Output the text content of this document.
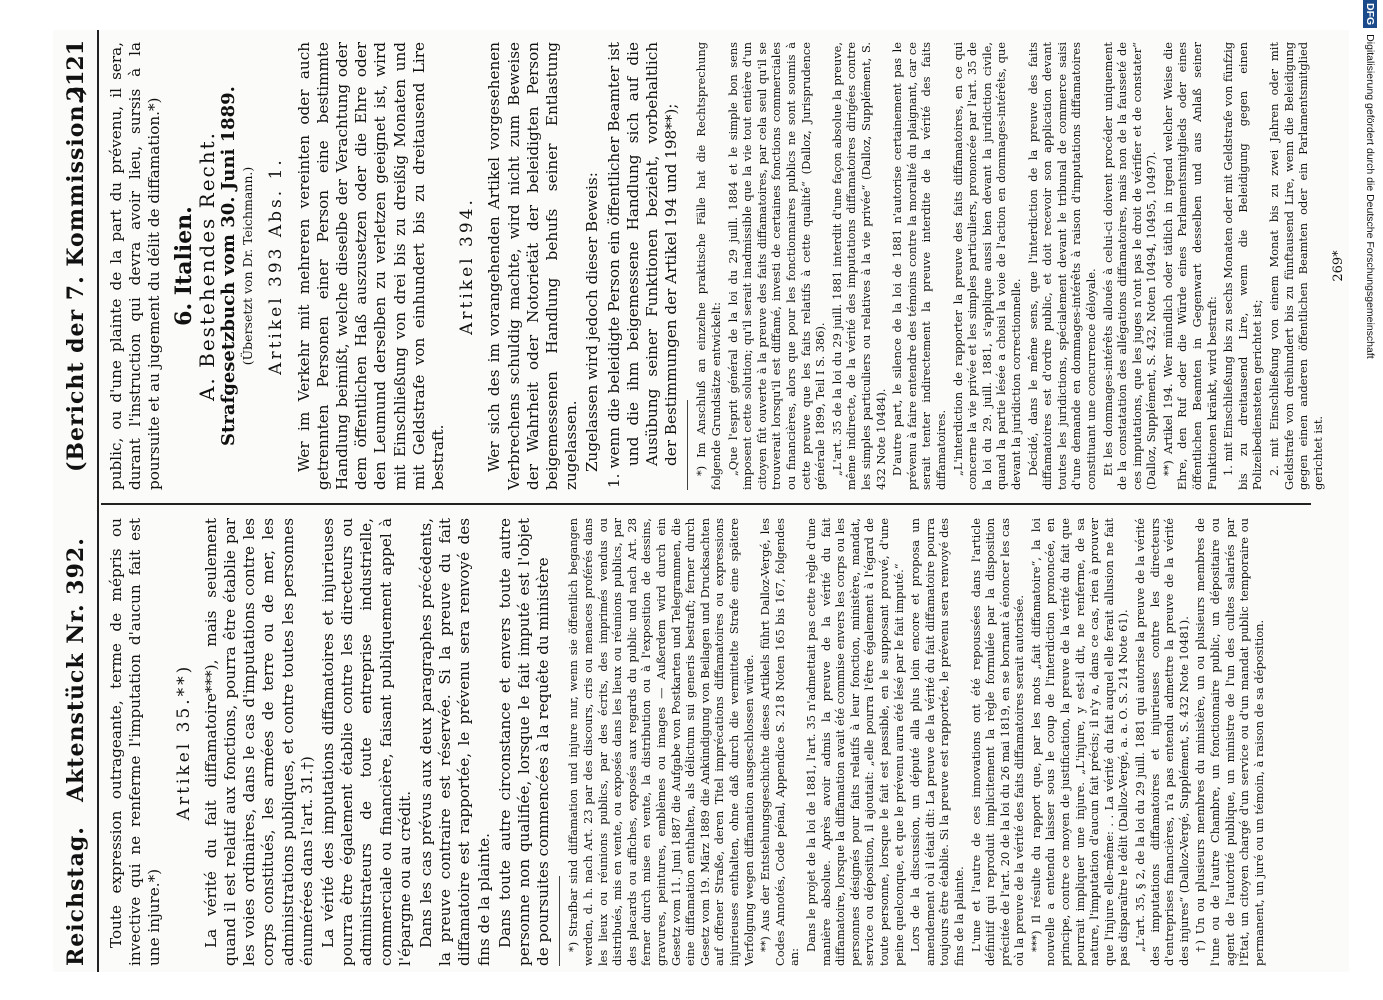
Reichstag.
Aktenstück Nr. 392.
(Bericht der 7. Kommission.)
2121

Toute expression outrageante, terme de mépris ou invective qui ne renferme l'imputation d'aucun fait est une injure.*)

Artikel 35.**) La vérité du fait diffamatoire***), mais seulement quand il est relatif aux fonctions, pourra être établie par les voies ordinaires, dans le cas d'imputations contre les corps constitués, les armées de terre ou de mer, les administrations publiques, et contre toutes les personnes énumérées dans l'art. 31.†) La vérité des imputations diffamatoires et injurieuses pourra être également établie contre les directeurs ou administrateurs de toute entreprise industrielle, commerciale ou financière, faisant publiquement appel à l'épargne ou au crédit. Dans les cas prévus aux deux paragraphes précédents, la preuve contraire est réservée. Si la preuve du fait diffamatoire est rapportée, le prévenu sera renvoyé des fins de la plainte. Dans toute autre circonstance et envers toute autre personne non qualifiée, lorsque le fait imputé est l'objet de poursuites commencées à la requête du ministère *) Strafbar sind diffamation und injure nur, wenn sie öffentlich begangen werden, d. h. nach Art. 23 par des discours, cris ou menaces proférés dans les lieux ou réunions publics, par des écrits, des imprimés vendus ou distribués, mis en vente, ou exposés dans les lieux ou réunions publics, par des placards ou affiches, exposés aux regards du public und nach Art. 28 ferner durch mise en vente, la distribution ou à l'exposition de dessins, gravures, peintures, emblèmes ou images — Außerdem wird durch ein Gesetz vom 11. Juni 1887 die Aufgabe von Postkarten und Telegrammen, die eine diffamation enthalten, als délictum sui generis bestraft; ferner durch Gesetz vom 19. März 1889 die Ankündigung von Beilagen und Drucksachten auf offener Straße, deren Titel imprécations diffamatoires ou expressions injurieuses enthalten, ohne daß durch die vermittelte Strafe eine spätere Verfolgung wegen diffamation ausgeschlossen würde. **) Aus der Entstehungsgeschichte dieses Artikels führt Dalloz-Vergé, les Codes Annotés, Code pénal, Appendice S. 218 Noten 165 bis 167, folgendes an:

Dans le projet de la loi de 1881, l'art. 35 n'admettait pas cette règle d'une manière absolue. Après avoir admis la preuve de la vérité du fait diffamatoire, lorsque la diffamation avait été commise envers les corps ou les personnes désignés pour faits relatifs à leur fonction, ministère, mandat, service ou déposition, il ajoutait: „elle pourra l'être également à l'égard de toute personne, lorsque le fait est passible, en le supposant prouvé, d'une peine quelconque, et que le prévenu aura été lésé par le fait imputé.“ Lors de la discussion, un député alla plus loin encore et proposa un amendement où il était dit: La preuve de la vérité du fait diffamatoire pourra toujours être établie. Si la preuve est rapportée, le prévenu sera renvoyé des fins de la plainte. L'une et l'autre de ces innovations ont été repoussées dans l'article définitif qui reproduit implicitement la règle formulée par la disposition précitée de l'art. 20 de la loi du 26 mai 1819, en se bornant à énoncer les cas où la preuve de la vérité des faits diffamatoires serait autorisée. ***) Il résulte du rapport que, par les mots „fait diffamatoire“, la loi nouvelle a entendu laisser sous le coup de l'interdiction prononcée, en principe, contre ce moyen de justification, la preuve de la vérité du fait que pourrait impliquer une injure. „L'injure, y est-il dit, ne renferme, de sa nature, l'imputation d'aucun fait précis; il n'y a, dans ce cas, rien à prouver que l'injure elle-même: . . La vérité du fait auquel elle ferait allusion ne fait pas disparaître le délit (Dalloz-Vergé, a. a. O. S. 214 Note 61). „L'art. 35, § 2, de la loi du 29 juill. 1881 qui autorise la preuve de la vérité des imputations diffamatoires et injurieuses contre les directeurs d'entreprises financières, n'a pas entendu admettre la preuve de la vérité des injures“ (Dalloz-Vergé, Supplément, S. 432 Note 10481). †) Un ou plusieurs membres du ministère, un ou plusieurs membres de l'une ou de l'autre Chambre, un fonctionnaire public, un dépositaire ou agent de l'autorité publique, un ministre de l'un des cultes salariés par l'État, un citoyen chargé d'un service ou d'un mandat public temporaire ou permanent, un juré ou un témoin, à raison de sa déposition.

public, ou d'une plainte de la part du prévenu, il sera, durant l'instruction qui devra avoir lieu, sursis à la poursuite et au jugement du délit de diffamation.*) 6. Italien.
A. Bestehendes Recht. Strafgesetzbuch vom 30. Juni 1889. (Übersetzt von Dr. Teichmann.) Artikel 393 Abs. 1. Wer im Verkehr mit mehreren vereinten oder auch getrennten Personen einer Person eine bestimmte Handlung beimißt, welche dieselbe der Verachtung oder dem öffentlichen Haß auszusetzen oder die Ehre oder den Leumund derselben zu verletzen geeignet ist, wird mit Einschließung von drei bis zu dreißig Monaten und mit Geldstrafe von einhundert bis zu dreitausend Lire bestraft.

Artikel 394. Wer sich des im vorangehenden Artikel vorgesehenen Verbrechens schuldig machte, wird nicht zum Beweise der Wahrheit oder Notorietät der beleidigten Person beigemessenen Handlung behufs seiner Entlastung zugelassen. Zugelassen wird jedoch dieser Beweis: 1. wenn die beleidigte Person ein öffentlicher Beamter ist und die ihm beigemessene Handlung sich auf die Ausübung seiner Funktionen bezieht, vorbehaltlich der Bestimmungen der Artikel 194 und 198**); *) Im Anschluß an einzelne praktische Fälle hat die Rechtsprechung folgende Grundsätze entwickelt: „Que l'esprit général de la loi du 29 juill. 1884 et le simple bon sens imposent cette solution; qu'il serait inadmissible que la vie tout entière d'un citoyen fût ouverte à la preuve des faits diffamatoires, par cela seul qu'il se trouverait lorsqu'il est diffamé, investi de certaines fonctions commerciales ou financières, alors que pour les fonctionnaires publics ne sont soumis à cette preuve que les faits relatifs à cette qualité“ (Dalloz, Jurisprudence générale 1899, Teil I S. 386). „L'art. 35 de la loi du 29 juill. 1881 interdit d'une façon absolue la preuve, même indirecte, de la vérité des imputations diffamatoires dirigées contre les simples particuliers ou relatives à la vie privée“ (Dalloz, Supplément, S. 432 Note 10484). D'autre part, le silence de la loi de 1881 n'autorise certainement pas le prévenu à faire entendre des témoins contre la moralité du plaignant, car ce serait tenter indirectement la preuve interdite de la vérité des faits diffamatoires. „L'interdiction de rapporter la preuve des faits diffamatoires, en ce qui concerne la vie privée et les simples particuliers, prononcée par l'art. 35 de la loi du 29. juill. 1881, s'applique aussi bien devant la juridiction civile, quand la partie lésée a choisi la voie de l'action en dommages-intérêts, que devant la juridiction correctionnelle. Décidé, dans le même sens, que l'interdiction de la preuve des faits diffamatoires est d'ordre public, et doit recevoir son application devant toutes les juridictions, spécialement devant le tribunal de commerce saisi d'une demande en dommages-intérêts à raison d'imputations diffamatoires constituant une concurrence déloyale. Et les dommages-intérêts alloués à celui-ci doivent procéder uniquement de la constatation des allégations diffamatoires, mais non de la fausseté de ces imputations, que les juges n'ont pas le droit de vérifier et de constater“ (Dalloz, Supplément, S. 432, Noten 10494, 10495, 10497). **) Artikel 194. Wer mündlich oder tätlich in irgend welcher Weise die Ehre, den Ruf oder die Würde eines Parlamentsmitglieds oder eines öffentlichen Beamten in Gegenwart desselben und aus Anlaß seiner Funktionen kränkt, wird bestraft: 1. mit Einschließung bis zu sechs Monaten oder mit Geldstrafe von fünfzig bis zu dreitausend Lire, wenn die Beleidigung gegen einen Polizeibediensteten gerichtet ist; 2. mit Einschließung von einem Monat bis zu zwei Jahren oder mit Geldstrafe von dreihundert bis zu fünftausend Lire, wenn die Beleidigung gegen einen anderen öffentlichen Beamten oder ein Parlamentsmitglied gerichtet ist.

269*
DFGDigitalisierung gefördert durch die Deutsche Forschungsgemeinschaft
